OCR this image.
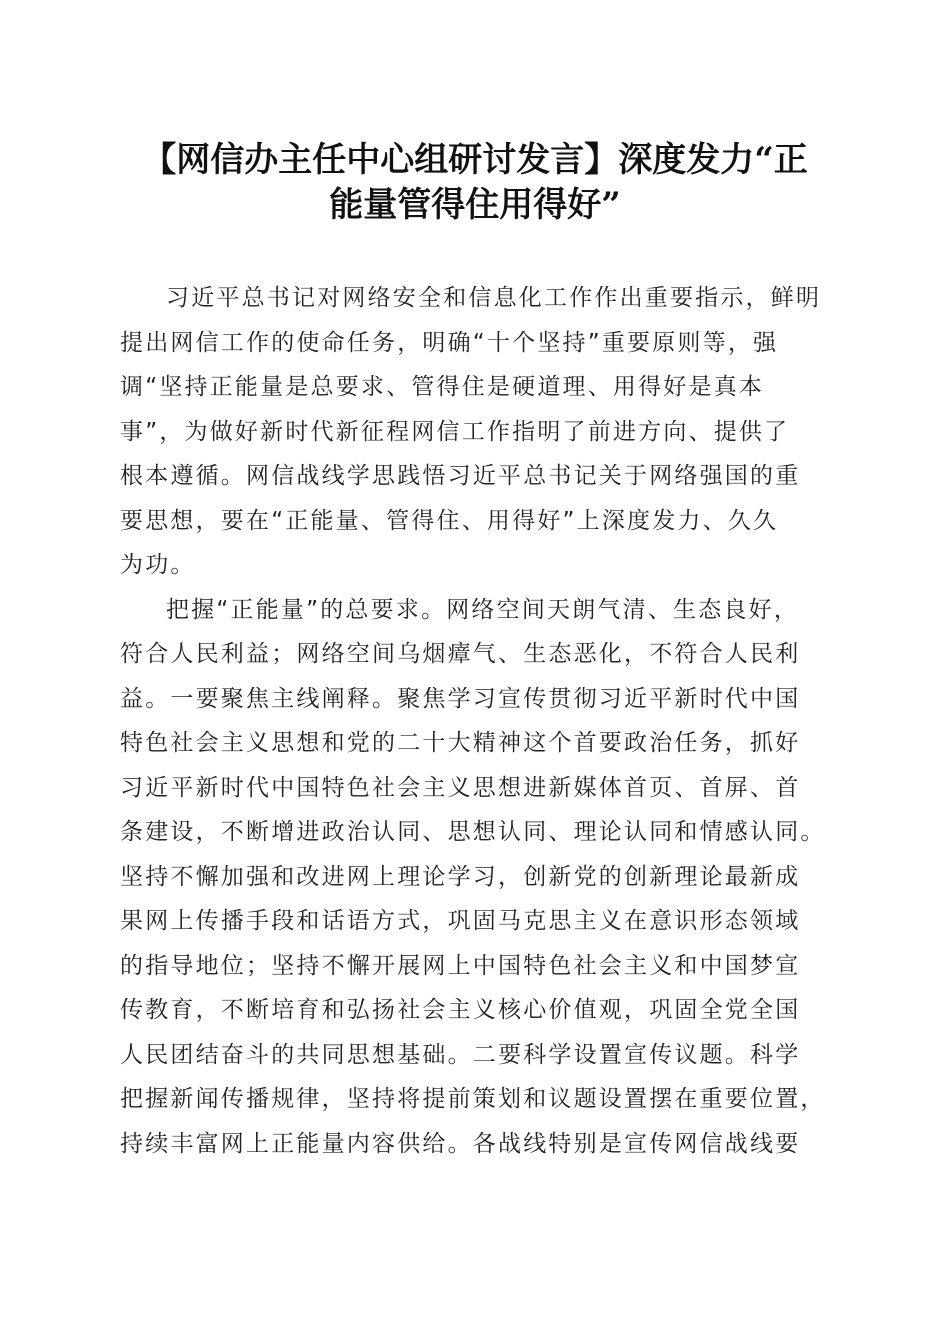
【网信办主任中心组研讨发言】深度发力“正
能量管得住用得好”
习近平总书记对网络安全和信息化工作作出重要指示，鲜明
提出网信工作的使命任务，明确“十个坚持”重要原则等，强
调“坚持正能量是总要求、管得住是硬道理、用得好是真本
事”，为做好新时代新征程网信工作指明了前进方向、提供了
根本遵循。网信战线学思践悟习近平总书记关于网络强国的重
要思想，要在“正能量、管得住、用得好”上深度发力、久久
为功。
把握“正能量”的总要求。网络空间天朗气清、生态良好，
符合人民利益；网络空间乌烟瘴气、生态恶化，不符合人民利
益。一要聚焦主线阐释。聚焦学习宣传贯彻习近平新时代中国
特色社会主义思想和党的二十大精神这个首要政治任务，抓好
习近平新时代中国特色社会主义思想进新媒体首页、首屏、首
条建设，不断增进政治认同、思想认同、理论认同和情感认同。
坚持不懈加强和改进网上理论学习，创新党的创新理论最新成
果网上传播手段和话语方式，巩固马克思主义在意识形态领域
的指导地位；坚持不懈开展网上中国特色社会主义和中国梦宣
传教育，不断培育和弘扬社会主义核心价值观，巩固全党全国
人民团结奋斗的共同思想基础。二要科学设置宣传议题。科学
把握新闻传播规律，坚持将提前策划和议题设置摆在重要位置，
持续丰富网上正能量内容供给。各战线特别是宣传网信战线要
